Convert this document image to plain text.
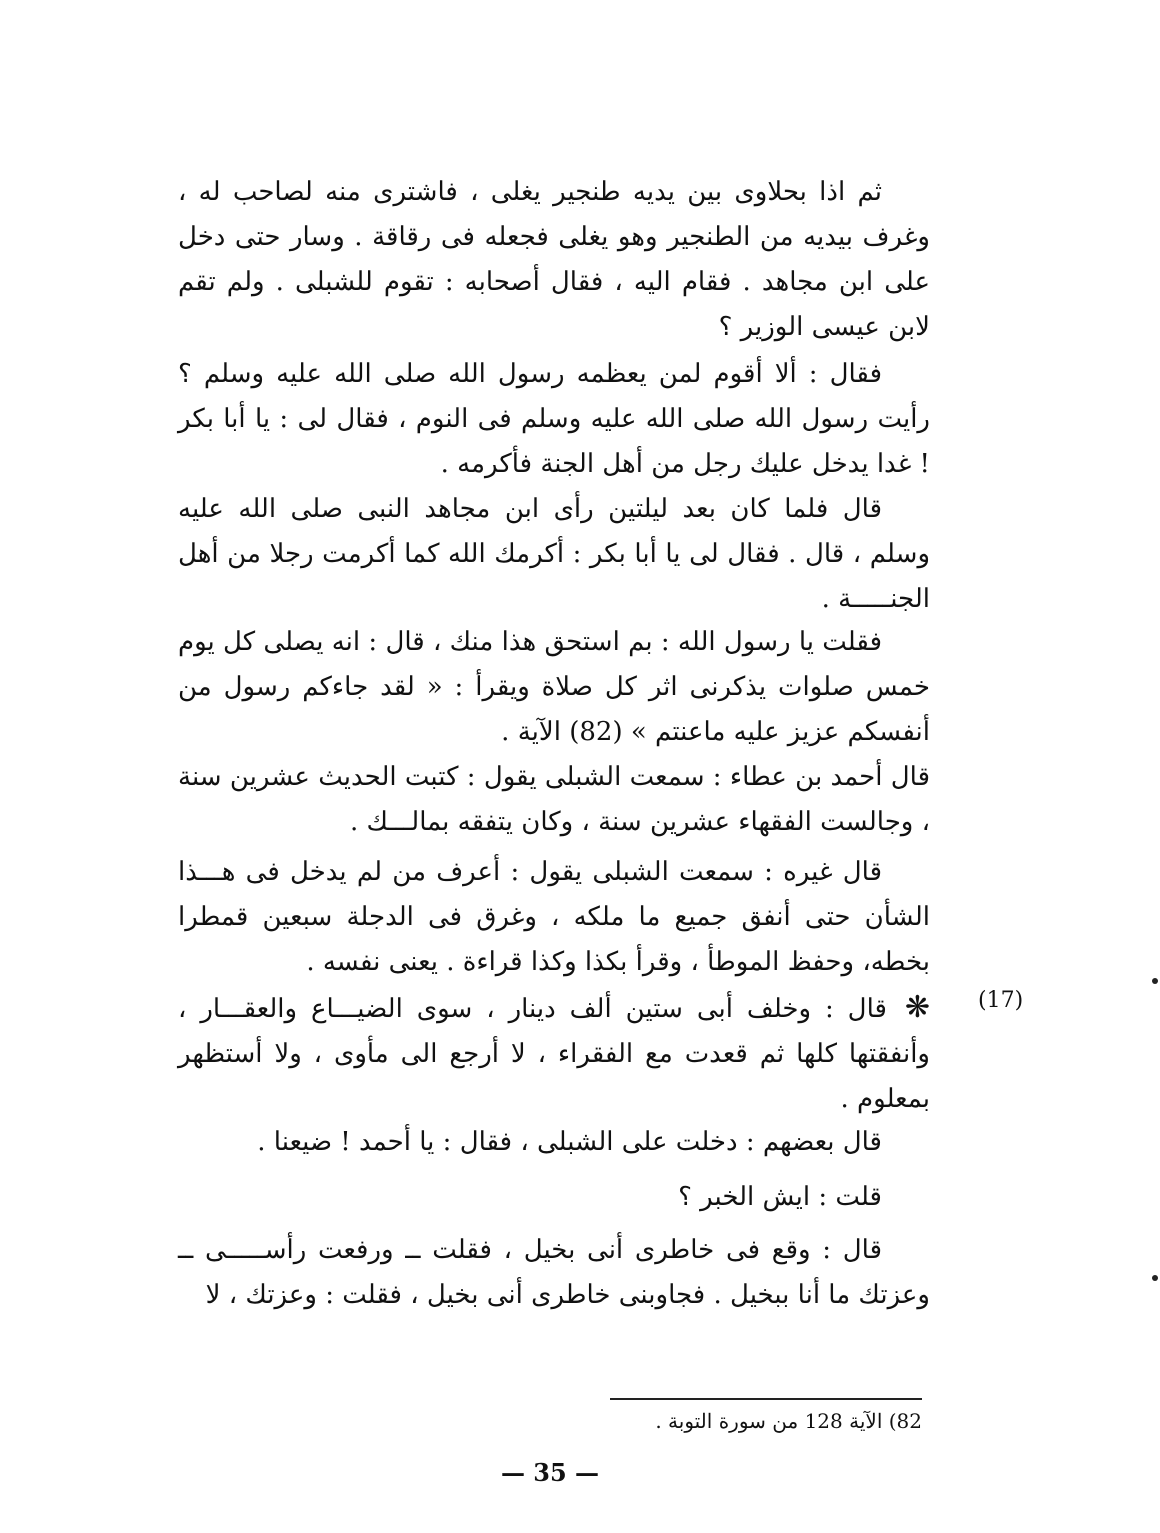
ثم اذا بحلاوى بين يديه طنجير يغلى ، فاشترى منه لصاحب له ، وغرف بيديه من الطنجير وهو يغلى فجعله فى رقاقة . وسار حتى دخل على ابن مجاهد . فقام اليه ، فقال أصحابه : تقوم للشبلى . ولم تقم لابن عيسى الوزير ؟

فقال : ألا أقوم لمن يعظمه رسول الله صلى الله عليه وسلم ؟ رأيت رسول الله صلى الله عليه وسلم فى النوم ، فقال لى : يا أبا بكر ! غدا يدخل عليك رجل من أهل الجنة فأكرمه .

قال فلما كان بعد ليلتين رأى ابن مجاهد النبى صلى الله عليه وسلم ، قال . فقال لى يا أبا بكر : أكرمك الله كما أكرمت رجلا من أهل الجنـــــة .

فقلت يا رسول الله : بم استحق هذا منك ، قال : انه يصلى كل يوم خمس صلوات يذكرنى اثر كل صلاة ويقرأ : « لقد جاءكم رسول من أنفسكم عزيز عليه ماعنتم » (82) الآية .

قال أحمد بن عطاء : سمعت الشبلى يقول : كتبت الحديث عشرين سنة ، وجالست الفقهاء عشرين سنة ، وكان يتفقه بمالـــك .

قال غيره : سمعت الشبلى يقول : أعرف من لم يدخل فى هـــذا الشأن حتى أنفق جميع ما ملكه ، وغرق فى الدجلة سبعين قمطرا بخطه، وحفظ الموطأ ، وقرأ بكذا وكذا قراءة . يعنى نفسه .

❋ قال : وخلف أبى ستين ألف دينار ، سوى الضيـــاع والعقـــار ، وأنفقتها كلها ثم قعدت مع الفقراء ، لا أرجع الى مأوى ، ولا أستظهر بمعلوم .

(17)

قال بعضهم : دخلت على الشبلى ، فقال : يا أحمد ! ضيعنا .

قلت : ايش الخبر ؟

قال : وقع فى خاطرى أنى بخيل ، فقلت ــ ورفعت رأســـــى ــ وعزتك ما أنا ببخيل . فجاوبنى خاطرى أنى بخيل ، فقلت : وعزتك ، لا

82) الآية 128 من سورة التوبة .
— 35 —
